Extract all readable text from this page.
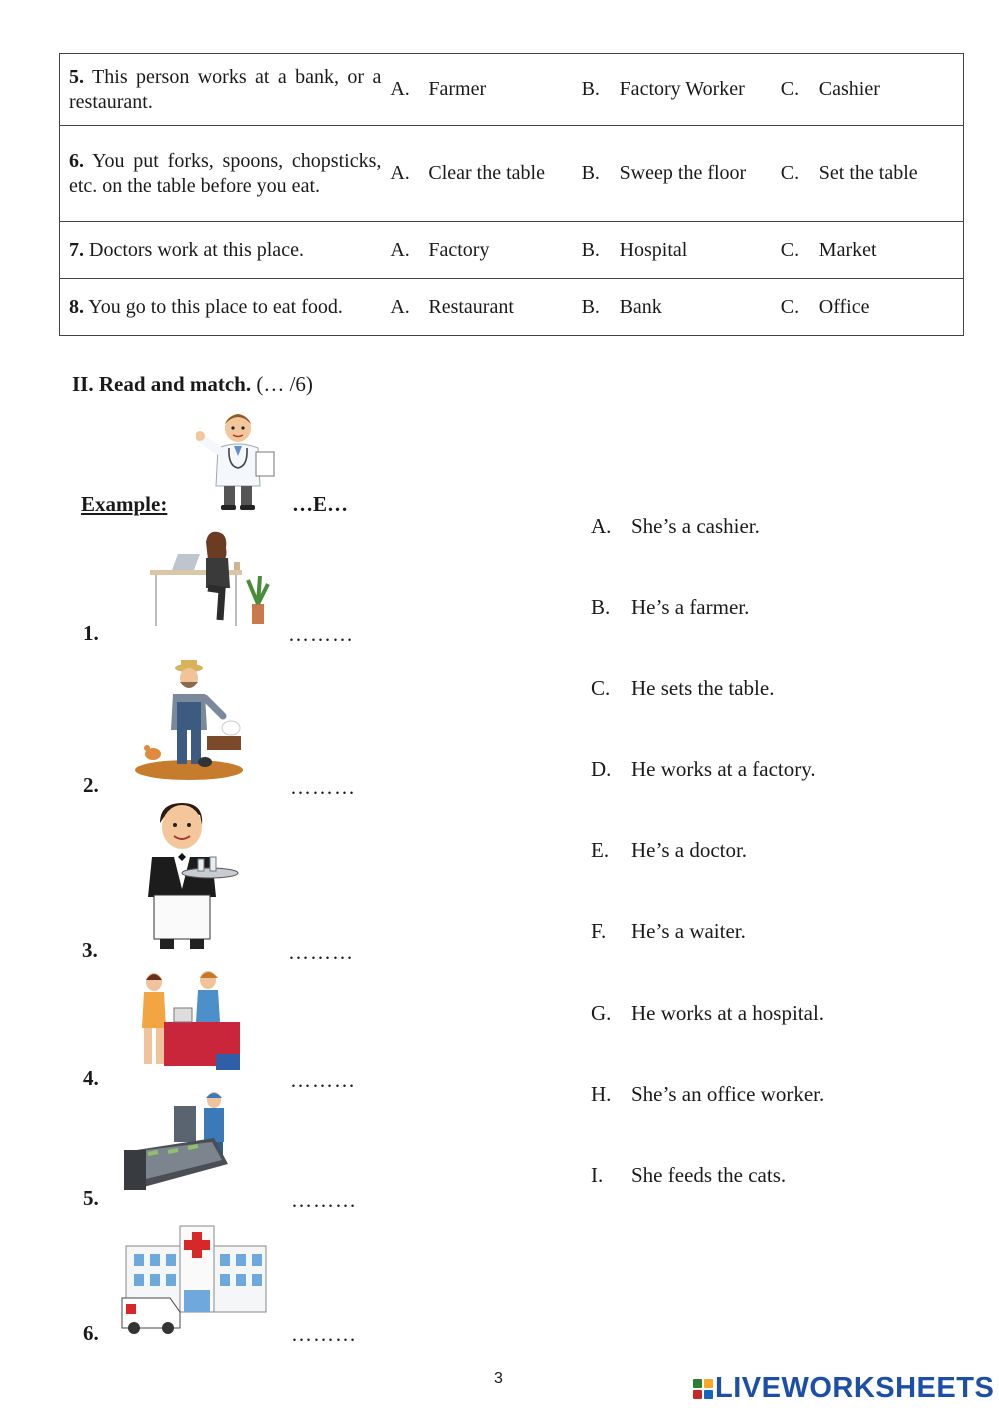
5. This person works at a bank, or a restaurant.	A. Farmer	B. Factory Worker	C. Cashier
6. You put forks, spoons, chopsticks, etc. on the table before you eat.	A. Clear the table	B. Sweep the floor	C. Set the table
7. Doctors work at this place.	A. Factory	B. Hospital	C. Market
8. You go to this place to eat food.	A. Restaurant	B. Bank	C. Office
II. Read and match. (… /6)
Example:	…E…
1.	………
2.	………
3.	………
4.	………
5.	………
6.	………
A. She’s a cashier.
B. He’s a farmer.
C. He sets the table.
D. He works at a factory.
E. He’s a doctor.
F. He’s a waiter.
G. He works at a hospital.
H. She’s an office worker.
I. She feeds the cats.
3	LIVEWORKSHEETS
